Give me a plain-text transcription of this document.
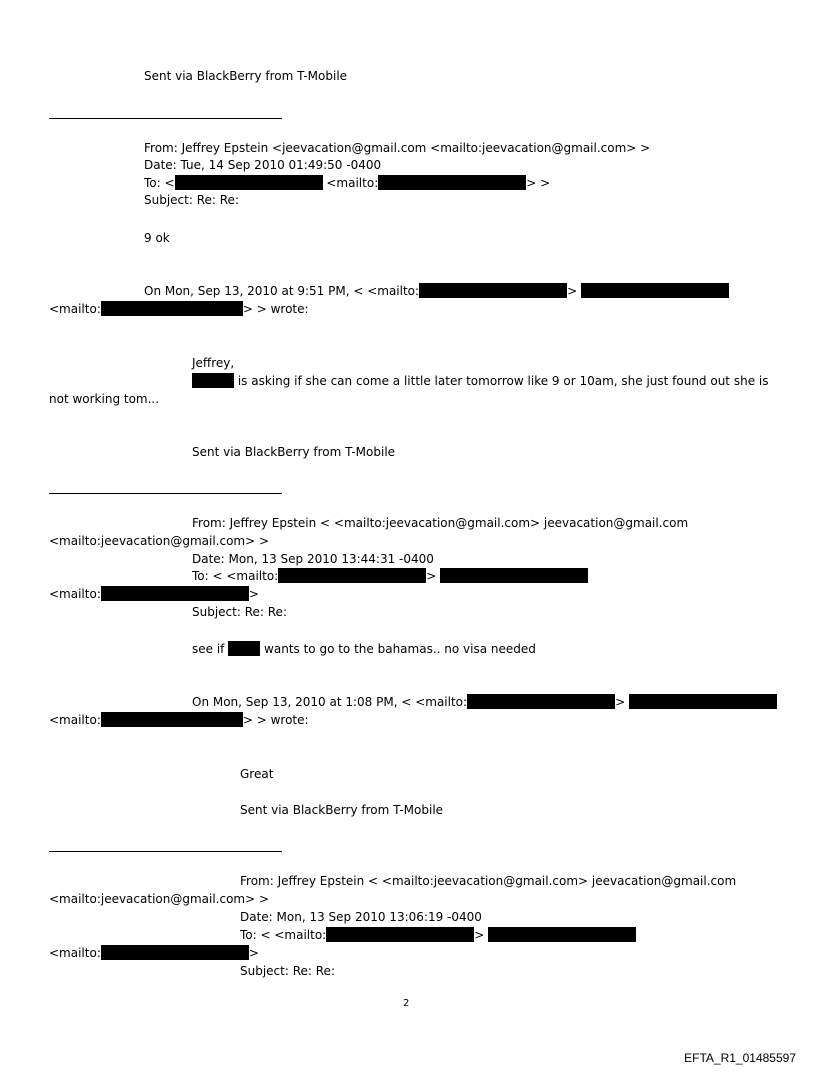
Sent via BlackBerry from T-Mobile
From: Jeffrey Epstein <jeevacation@gmail.com <mailto:jeevacation@gmail.com> >
Date: Tue, 14 Sep 2010 01:49:50 -0400
To: <	<mailto:	> >
Subject: Re: Re:
9 ok
On Mon, Sep 13, 2010 at 9:51 PM, < <mailto:	>
<mailto:	> > wrote:
Jeffrey,
is asking if she can come a little later tomorrow like 9 or 10am, she just found out she is
not working tom...
Sent via BlackBerry from T-Mobile
From: Jeffrey Epstein < <mailto:jeevacation@gmail.com> jeevacation@gmail.com
<mailto:jeevacation@gmail.com> >
Date: Mon, 13 Sep 2010 13:44:31 -0400
To: < <mailto:	>
<mailto:	>
Subject: Re: Re:
see if	wants to go to the bahamas.. no visa needed
On Mon, Sep 13, 2010 at 1:08 PM, < <mailto:	>
<mailto:	> > wrote:
Great
Sent via BlackBerry from T-Mobile
From: Jeffrey Epstein < <mailto:jeevacation@gmail.com> jeevacation@gmail.com
<mailto:jeevacation@gmail.com> >
Date: Mon, 13 Sep 2010 13:06:19 -0400
To: < <mailto:	>
<mailto:	>
Subject: Re: Re:
2
EFTA_R1_01485597
